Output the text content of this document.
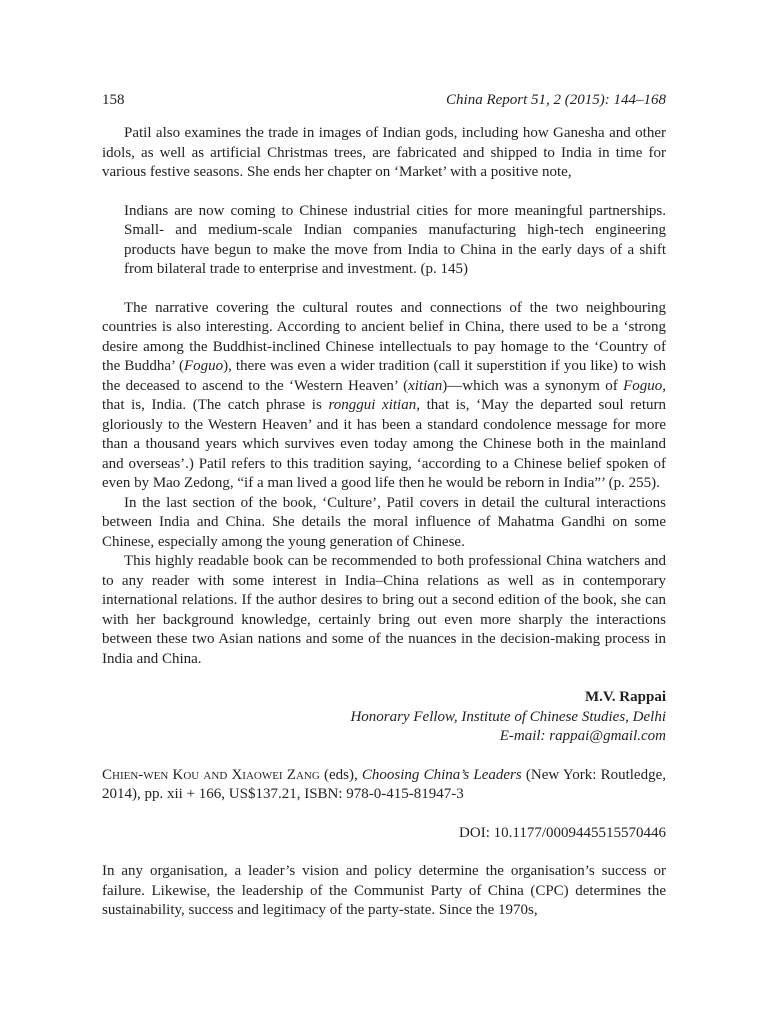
158	China Report 51, 2 (2015): 144–168

Patil also examines the trade in images of Indian gods, including how Ganesha and other idols, as well as artificial Christmas trees, are fabricated and shipped to India in time for various festive seasons. She ends her chapter on ‘Market’ with a positive note,

Indians are now coming to Chinese industrial cities for more meaningful partnerships. Small- and medium-scale Indian companies manufacturing high-tech engineering products have begun to make the move from India to China in the early days of a shift from bilateral trade to enterprise and investment. (p. 145)

The narrative covering the cultural routes and connections of the two neighbouring countries is also interesting. According to ancient belief in China, there used to be a ‘strong desire among the Buddhist-inclined Chinese intellectuals to pay homage to the ‘Country of the Buddha’ (Foguo), there was even a wider tradition (call it superstition if you like) to wish the deceased to ascend to the ‘Western Heaven’ (xitian)—which was a synonym of Foguo, that is, India. (The catch phrase is ronggui xitian, that is, ‘May the departed soul return gloriously to the Western Heaven’ and it has been a standard condolence message for more than a thousand years which survives even today among the Chinese both in the mainland and overseas’.) Patil refers to this tradition saying, ‘according to a Chinese belief spoken of even by Mao Zedong, “if a man lived a good life then he would be reborn in India”’ (p. 255).

In the last section of the book, ‘Culture’, Patil covers in detail the cultural interactions between India and China. She details the moral influence of Mahatma Gandhi on some Chinese, especially among the young generation of Chinese.

This highly readable book can be recommended to both professional China watchers and to any reader with some interest in India–China relations as well as in contemporary international relations. If the author desires to bring out a second edition of the book, she can with her background knowledge, certainly bring out even more sharply the interactions between these two Asian nations and some of the nuances in the decision-making process in India and China.

M.V. Rappai
Honorary Fellow, Institute of Chinese Studies, Delhi
E-mail: rappai@gmail.com

Chien-wen Kou and Xiaowei Zang (eds), Choosing China’s Leaders (New York: Routledge, 2014), pp. xii + 166, US$137.21, ISBN: 978-0-415-81947-3

DOI: 10.1177/0009445515570446

In any organisation, a leader’s vision and policy determine the organisation’s success or failure. Likewise, the leadership of the Communist Party of China (CPC) determines the sustainability, success and legitimacy of the party-state. Since the 1970s,
